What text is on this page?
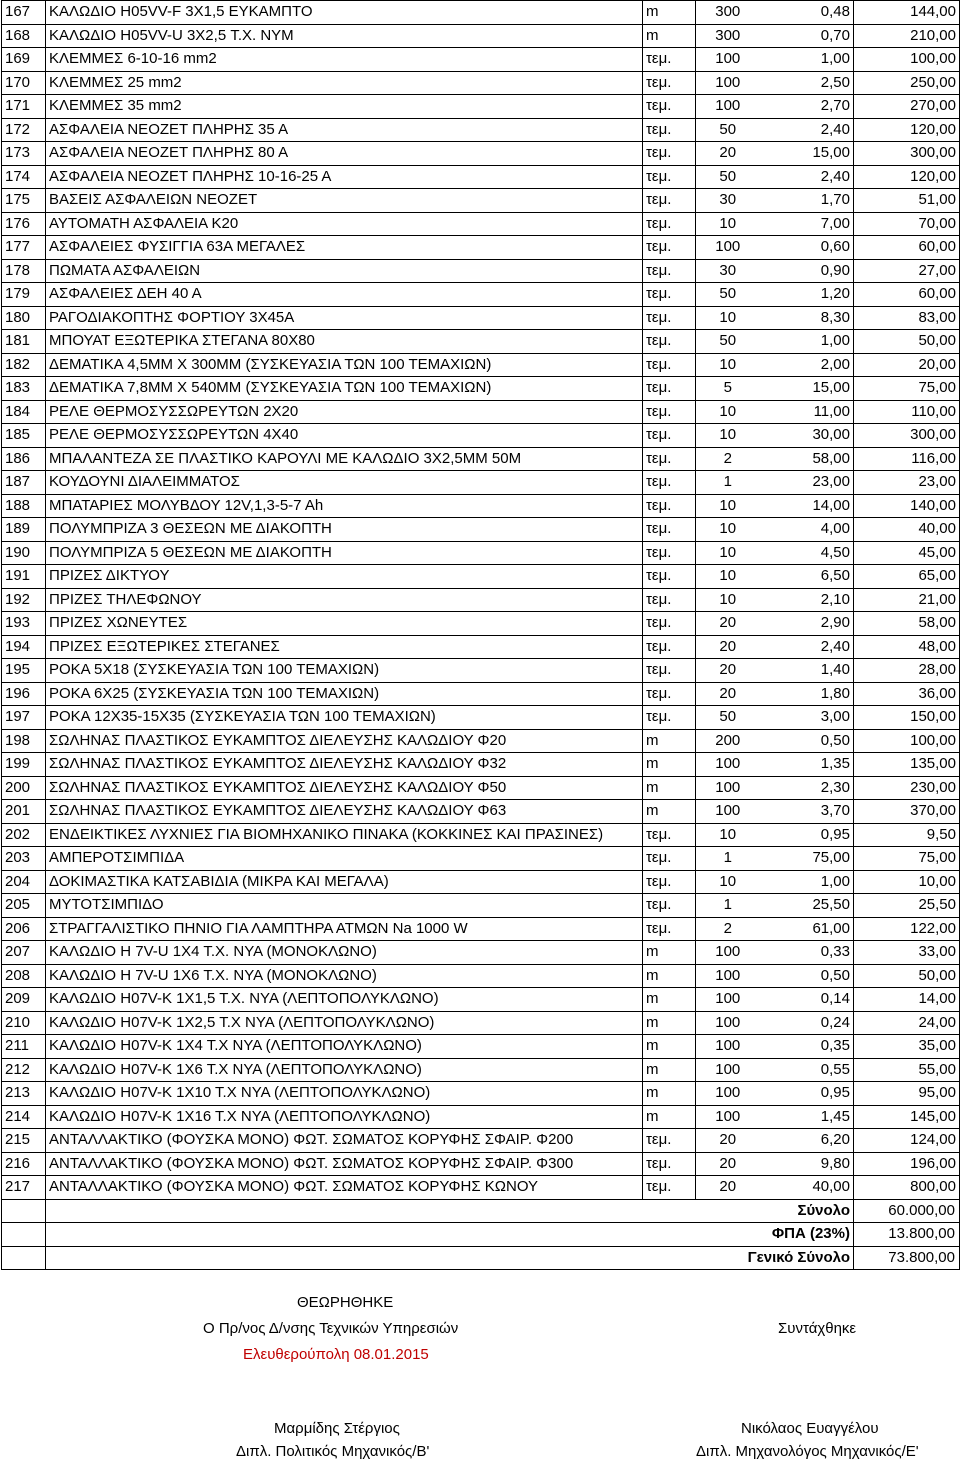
167	ΚΑΛΩΔΙΟ H05VV-F 3X1,5 ΕΥΚΑΜΠΤΟ	m	300	0,48	144,00
168	ΚΑΛΩΔΙΟ H05VV-U 3X2,5 Τ.Χ. ΝΥΜ	m	300	0,70	210,00
169	ΚΛΕΜΜΕΣ 6-10-16 mm2	τεμ.	100	1,00	100,00
170	ΚΛΕΜΜΕΣ 25 mm2	τεμ.	100	2,50	250,00
171	ΚΛΕΜΜΕΣ 35 mm2	τεμ.	100	2,70	270,00
172	ΑΣΦΑΛΕΙΑ ΝΕΟΖΕΤ ΠΛΗΡΗΣ 35 Α	τεμ.	50	2,40	120,00
173	ΑΣΦΑΛΕΙΑ ΝΕΟΖΕΤ ΠΛΗΡΗΣ 80 Α	τεμ.	20	15,00	300,00
174	ΑΣΦΑΛΕΙΑ ΝΕΟΖΕΤ ΠΛΗΡΗΣ 10-16-25 Α	τεμ.	50	2,40	120,00
175	ΒΑΣΕΙΣ ΑΣΦΑΛΕΙΩΝ ΝΕΟΖΕΤ	τεμ.	30	1,70	51,00
176	ΑΥΤΟΜΑΤΗ ΑΣΦΑΛΕΙΑ Κ20	τεμ.	10	7,00	70,00
177	ΑΣΦΑΛΕΙΕΣ ΦΥΣΙΓΓΙΑ 63Α ΜΕΓΑΛΕΣ	τεμ.	100	0,60	60,00
178	ΠΩΜΑΤΑ ΑΣΦΑΛΕΙΩΝ	τεμ.	30	0,90	27,00
179	ΑΣΦΑΛΕΙΕΣ ΔΕΗ 40 Α	τεμ.	50	1,20	60,00
180	ΡΑΓΟΔΙΑΚΟΠΤΗΣ ΦΟΡΤΙΟΥ 3Χ45Α	τεμ.	10	8,30	83,00
181	ΜΠΟΥΑΤ ΕΞΩΤΕΡΙΚΑ ΣΤΕΓΑΝΑ 80Χ80	τεμ.	50	1,00	50,00
182	ΔΕΜΑΤΙΚΑ 4,5ΜΜ Χ 300ΜΜ (ΣΥΣΚΕΥΑΣΙΑ ΤΩΝ 100 ΤΕΜΑΧΙΩΝ)	τεμ.	10	2,00	20,00
183	ΔΕΜΑΤΙΚΑ 7,8ΜΜ Χ 540ΜΜ (ΣΥΣΚΕΥΑΣΙΑ ΤΩΝ 100 ΤΕΜΑΧΙΩΝ)	τεμ.	5	15,00	75,00
184	ΡΕΛΕ ΘΕΡΜΟΣΥΣΣΩΡΕΥΤΩΝ 2Χ20	τεμ.	10	11,00	110,00
185	ΡΕΛΕ ΘΕΡΜΟΣΥΣΣΩΡΕΥΤΩΝ 4Χ40	τεμ.	10	30,00	300,00
186	ΜΠΑΛΑΝΤΕΖΑ ΣΕ ΠΛΑΣΤΙΚΟ ΚΑΡΟΥΛΙ ΜΕ ΚΑΛΩΔΙΟ 3Χ2,5ΜΜ 50Μ	τεμ.	2	58,00	116,00
187	ΚΟΥΔΟΥΝΙ ΔΙΑΛΕΙΜΜΑΤΟΣ	τεμ.	1	23,00	23,00
188	ΜΠΑΤΑΡΙΕΣ ΜΟΛΥΒΔΟΥ 12V,1,3-5-7 Ah	τεμ.	10	14,00	140,00
189	ΠΟΛΥΜΠΡΙΖΑ 3 ΘΕΣΕΩΝ ΜΕ ΔΙΑΚΟΠΤΗ	τεμ.	10	4,00	40,00
190	ΠΟΛΥΜΠΡΙΖΑ 5 ΘΕΣΕΩΝ ΜΕ ΔΙΑΚΟΠΤΗ	τεμ.	10	4,50	45,00
191	ΠΡΙΖΕΣ ΔΙΚΤΥΟΥ	τεμ.	10	6,50	65,00
192	ΠΡΙΖΕΣ ΤΗΛΕΦΩΝΟΥ	τεμ.	10	2,10	21,00
193	ΠΡΙΖΕΣ ΧΩΝΕΥΤΕΣ	τεμ.	20	2,90	58,00
194	ΠΡΙΖΕΣ ΕΞΩΤΕΡΙΚΕΣ ΣΤΕΓΑΝΕΣ	τεμ.	20	2,40	48,00
195	ΡΟΚΑ 5Χ18 (ΣΥΣΚΕΥΑΣΙΑ ΤΩΝ 100 ΤΕΜΑΧΙΩΝ)	τεμ.	20	1,40	28,00
196	ΡΟΚΑ 6Χ25 (ΣΥΣΚΕΥΑΣΙΑ ΤΩΝ 100 ΤΕΜΑΧΙΩΝ)	τεμ.	20	1,80	36,00
197	ΡΟΚΑ 12Χ35-15Χ35 (ΣΥΣΚΕΥΑΣΙΑ ΤΩΝ 100 ΤΕΜΑΧΙΩΝ)	τεμ.	50	3,00	150,00
198	ΣΩΛΗΝΑΣ ΠΛΑΣΤΙΚΟΣ ΕΥΚΑΜΠΤΟΣ ΔΙΕΛΕΥΣΗΣ ΚΑΛΩΔΙΟΥ Φ20	m	200	0,50	100,00
199	ΣΩΛΗΝΑΣ ΠΛΑΣΤΙΚΟΣ ΕΥΚΑΜΠΤΟΣ ΔΙΕΛΕΥΣΗΣ ΚΑΛΩΔΙΟΥ Φ32	m	100	1,35	135,00
200	ΣΩΛΗΝΑΣ ΠΛΑΣΤΙΚΟΣ ΕΥΚΑΜΠΤΟΣ ΔΙΕΛΕΥΣΗΣ ΚΑΛΩΔΙΟΥ Φ50	m	100	2,30	230,00
201	ΣΩΛΗΝΑΣ ΠΛΑΣΤΙΚΟΣ ΕΥΚΑΜΠΤΟΣ ΔΙΕΛΕΥΣΗΣ ΚΑΛΩΔΙΟΥ Φ63	m	100	3,70	370,00
202	ΕΝΔΕΙΚΤΙΚΕΣ ΛΥΧΝΙΕΣ ΓΙΑ ΒΙΟΜΗΧΑΝΙΚΟ ΠΙΝΑΚΑ (ΚΟΚΚΙΝΕΣ ΚΑΙ ΠΡΑΣΙΝΕΣ)	τεμ.	10	0,95	9,50
203	ΑΜΠΕΡΟΤΣΙΜΠΙΔΑ	τεμ.	1	75,00	75,00
204	ΔΟΚΙΜΑΣΤΙΚΑ ΚΑΤΣΑΒΙΔΙΑ (ΜΙΚΡΑ ΚΑΙ ΜΕΓΑΛΑ)	τεμ.	10	1,00	10,00
205	ΜΥΤΟΤΣΙΜΠΙΔΟ	τεμ.	1	25,50	25,50
206	ΣΤΡΑΓΓΑΛΙΣΤΙΚΟ ΠΗΝΙΟ ΓΙΑ ΛΑΜΠΤΗΡΑ ΑΤΜΩΝ Na 1000 W	τεμ.	2	61,00	122,00
207	ΚΑΛΩΔΙΟ H 7V-U 1X4 T.X. NYA (ΜΟΝΟΚΛΩΝΟ)	m	100	0,33	33,00
208	ΚΑΛΩΔΙΟ H 7V-U 1X6 T.X. NYA (ΜΟΝΟΚΛΩΝΟ)	m	100	0,50	50,00
209	ΚΑΛΩΔΙΟ H07V-K 1X1,5 T.X. NYA (ΛΕΠΤΟΠΟΛΥΚΛΩΝΟ)	m	100	0,14	14,00
210	ΚΑΛΩΔΙΟ H07V-K 1X2,5 T.X NYA (ΛΕΠΤΟΠΟΛΥΚΛΩΝΟ)	m	100	0,24	24,00
211	ΚΑΛΩΔΙΟ H07V-K 1X4 T.X NYA (ΛΕΠΤΟΠΟΛΥΚΛΩΝΟ)	m	100	0,35	35,00
212	ΚΑΛΩΔΙΟ H07V-K 1X6 T.X NYA (ΛΕΠΤΟΠΟΛΥΚΛΩΝΟ)	m	100	0,55	55,00
213	ΚΑΛΩΔΙΟ H07V-K 1X10 T.X NYA (ΛΕΠΤΟΠΟΛΥΚΛΩΝΟ)	m	100	0,95	95,00
214	ΚΑΛΩΔΙΟ H07V-K 1X16 T.X NYA (ΛΕΠΤΟΠΟΛΥΚΛΩΝΟ)	m	100	1,45	145,00
215	ΑΝΤΑΛΛΑΚΤΙΚΟ (ΦΟΥΣΚΑ ΜΟΝΟ) ΦΩΤ. ΣΩΜΑΤΟΣ ΚΟΡΥΦΗΣ ΣΦΑΙΡ. Φ200	τεμ.	20	6,20	124,00
216	ΑΝΤΑΛΛΑΚΤΙΚΟ (ΦΟΥΣΚΑ ΜΟΝΟ) ΦΩΤ. ΣΩΜΑΤΟΣ ΚΟΡΥΦΗΣ ΣΦΑΙΡ. Φ300	τεμ.	20	9,80	196,00
217	ΑΝΤΑΛΛΑΚΤΙΚΟ (ΦΟΥΣΚΑ ΜΟΝΟ) ΦΩΤ. ΣΩΜΑΤΟΣ ΚΟΡΥΦΗΣ ΚΩΝΟΥ	τεμ.	20	40,00	800,00
	Σύνολο				60.000,00
	ΦΠΑ (23%)				13.800,00
	Γενικό Σύνολο				73.800,00
ΘΕΩΡΗΘΗΚΕ
Ο Πρ/νος Δ/νσης Τεχνικών Υπηρεσιών
Ελευθερούπολη 08.01.2015
Συντάχθηκε
Μαρμίδης Στέργιος
Διπλ. Πολιτικός Μηχανικός/Β'
Νικόλαος Ευαγγέλου
Διπλ. Μηχανολόγος Μηχανικός/Ε'
